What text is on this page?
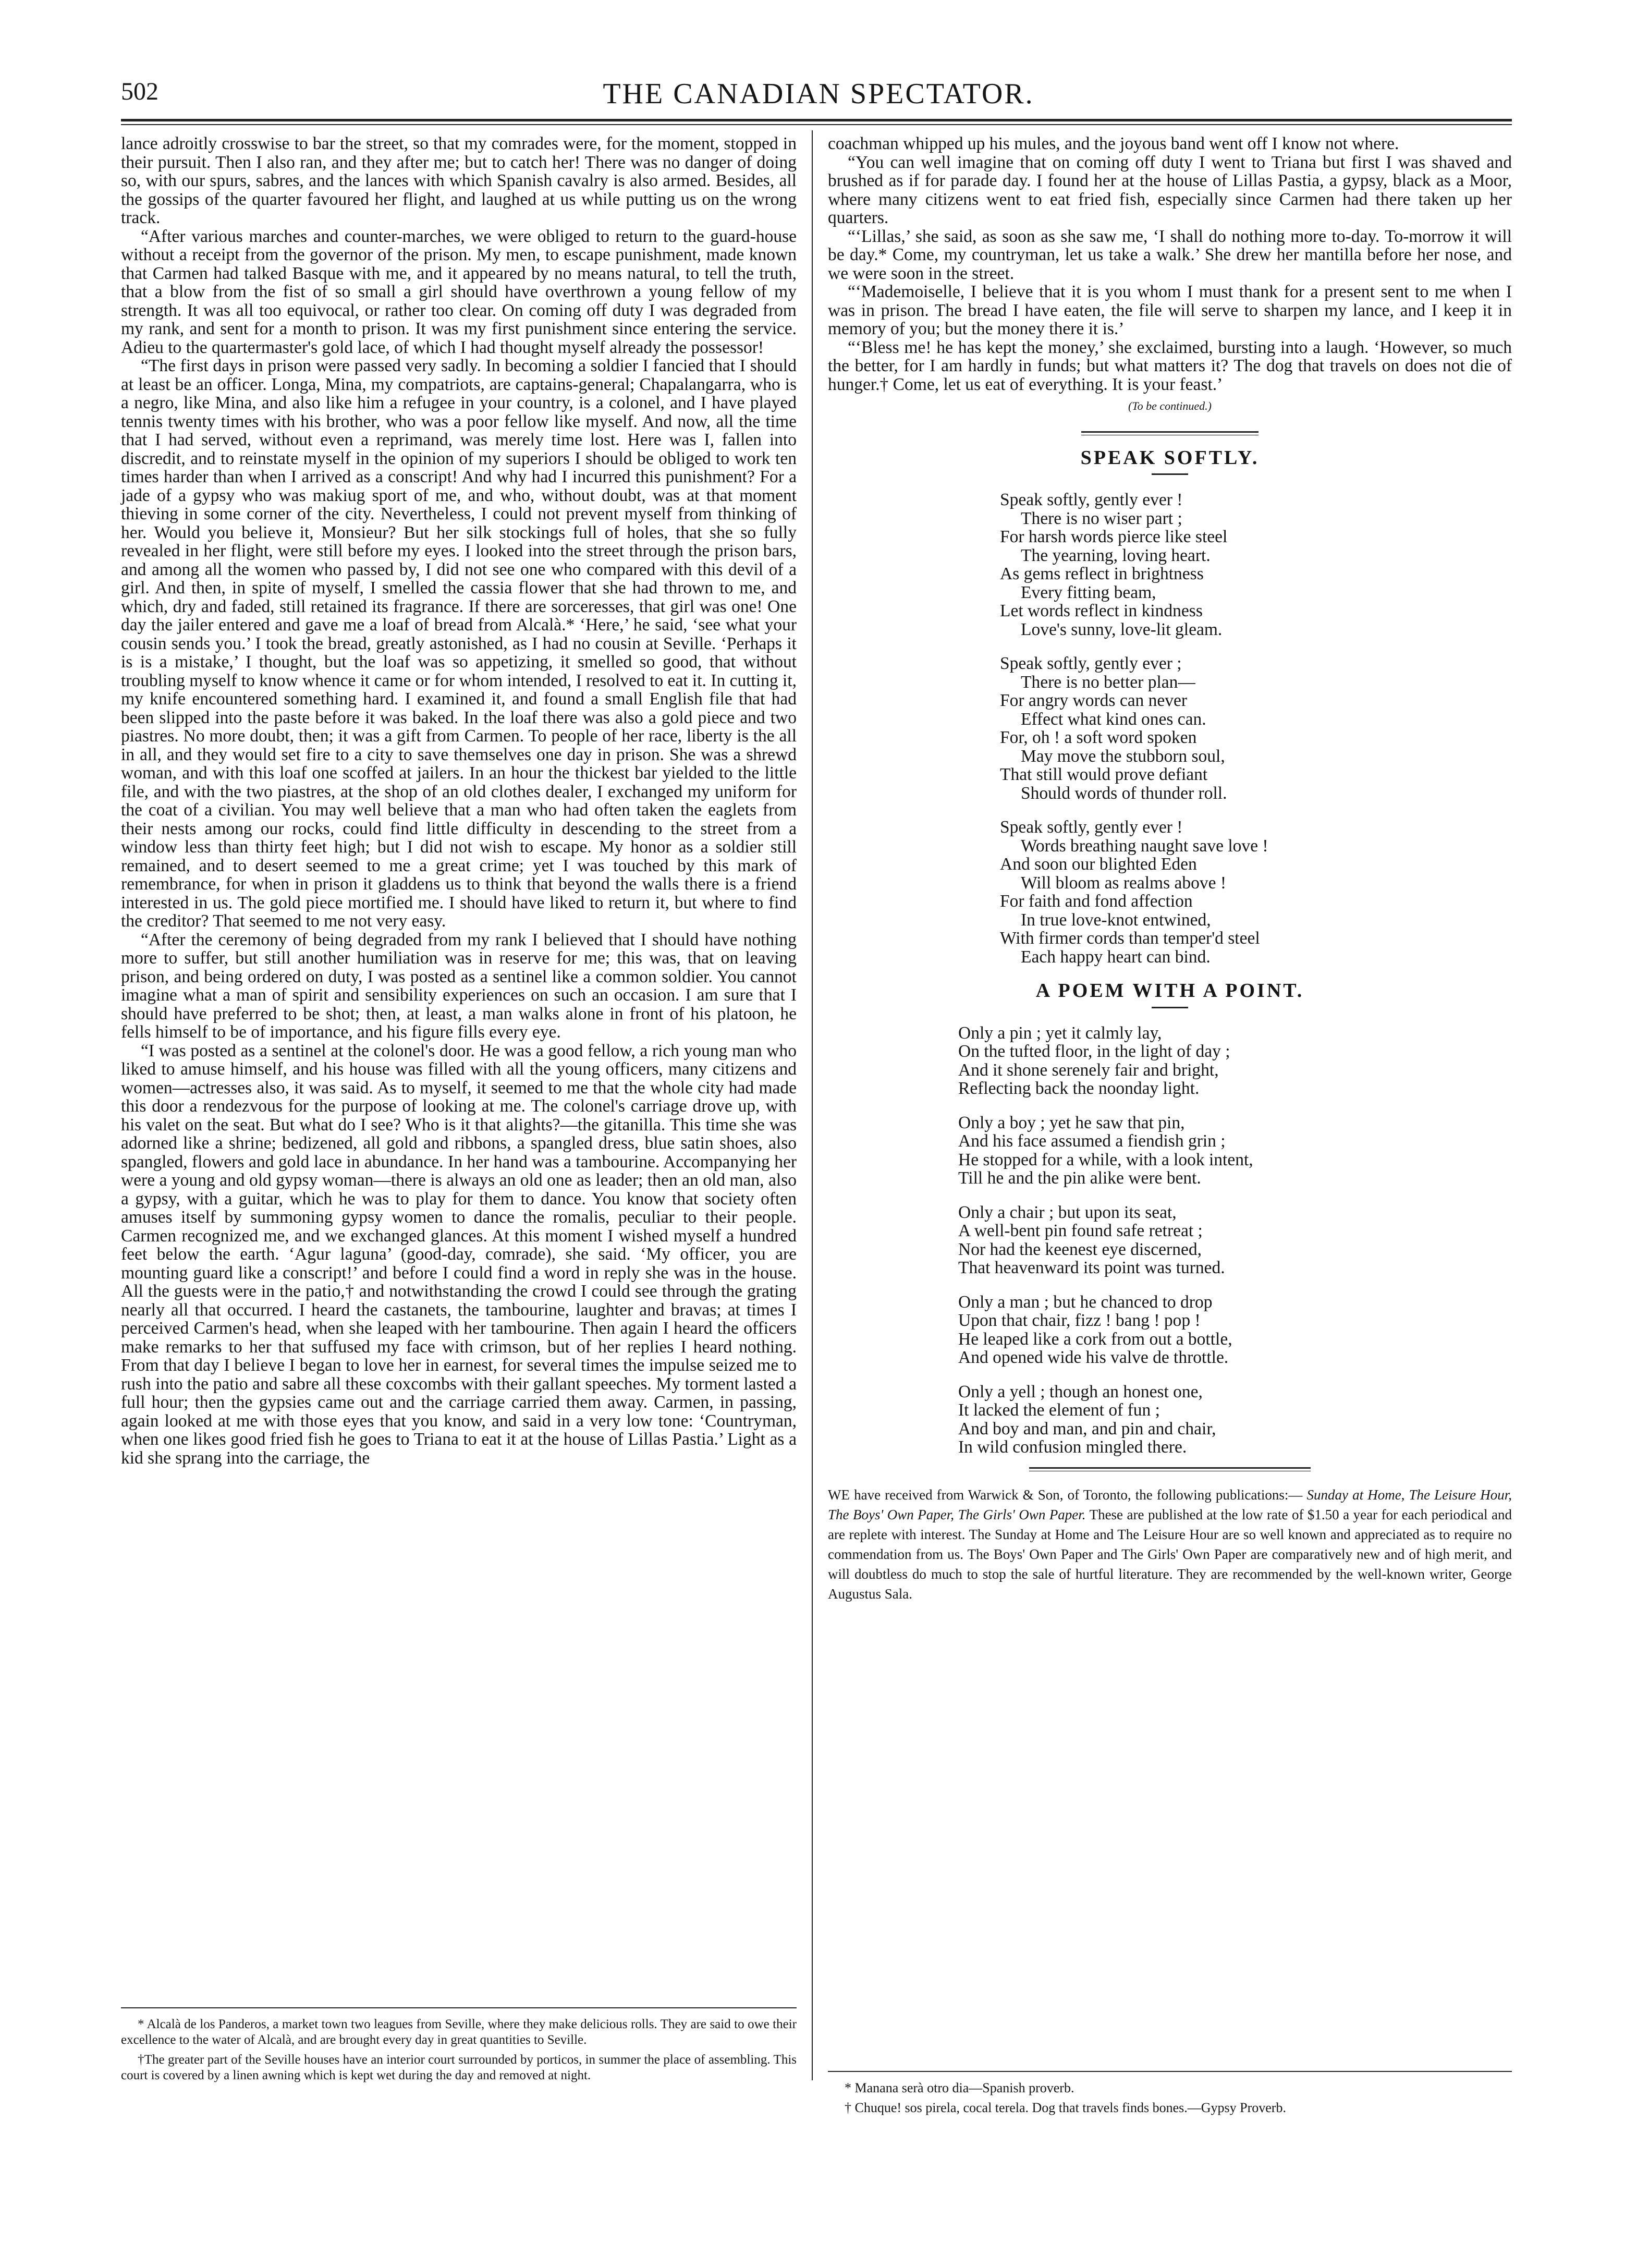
502	THE CANADIAN SPECTATOR.

lance adroitly crosswise to bar the street, so that my comrades were, for the moment, stopped in their pursuit. Then I also ran, and they after me; but to catch her! There was no danger of doing so, with our spurs, sabres, and the lances with which Spanish cavalry is also armed. Besides, all the gossips of the quarter favoured her flight, and laughed at us while putting us on the wrong track.

“After various marches and counter-marches, we were obliged to return to the guard-house without a receipt from the governor of the prison. My men, to escape punishment, made known that Carmen had talked Basque with me, and it appeared by no means natural, to tell the truth, that a blow from the fist of so small a girl should have overthrown a young fellow of my strength. It was all too equivocal, or rather too clear. On coming off duty I was degraded from my rank, and sent for a month to prison. It was my first punishment since entering the service. Adieu to the quartermaster's gold lace, of which I had thought myself already the possessor!

“The first days in prison were passed very sadly. In becoming a soldier I fancied that I should at least be an officer. Longa, Mina, my compatriots, are captains-general; Chapalangarra, who is a negro, like Mina, and also like him a refugee in your country, is a colonel, and I have played tennis twenty times with his brother, who was a poor fellow like myself. And now, all the time that I had served, without even a reprimand, was merely time lost. Here was I, fallen into discredit, and to reinstate myself in the opinion of my superiors I should be obliged to work ten times harder than when I arrived as a conscript! And why had I incurred this punishment? For a jade of a gypsy who was makiug sport of me, and who, without doubt, was at that moment thieving in some corner of the city. Nevertheless, I could not prevent myself from thinking of her. Would you believe it, Monsieur? But her silk stockings full of holes, that she so fully revealed in her flight, were still before my eyes. I looked into the street through the prison bars, and among all the women who passed by, I did not see one who compared with this devil of a girl. And then, in spite of myself, I smelled the cassia flower that she had thrown to me, and which, dry and faded, still retained its fragrance. If there are sorceresses, that girl was one! One day the jailer entered and gave me a loaf of bread from Alcalà.* ‘Here,’ he said, ‘see what your cousin sends you.’ I took the bread, greatly astonished, as I had no cousin at Seville. ‘Perhaps it is is a mistake,’ I thought, but the loaf was so appetizing, it smelled so good, that without troubling myself to know whence it came or for whom intended, I resolved to eat it. In cutting it, my knife encountered something hard. I examined it, and found a small English file that had been slipped into the paste before it was baked. In the loaf there was also a gold piece and two piastres. No more doubt, then; it was a gift from Carmen. To people of her race, liberty is the all in all, and they would set fire to a city to save themselves one day in prison. She was a shrewd woman, and with this loaf one scoffed at jailers. In an hour the thickest bar yielded to the little file, and with the two piastres, at the shop of an old clothes dealer, I exchanged my uniform for the coat of a civilian. You may well believe that a man who had often taken the eaglets from their nests among our rocks, could find little difficulty in descending to the street from a window less than thirty feet high; but I did not wish to escape. My honor as a soldier still remained, and to desert seemed to me a great crime; yet I was touched by this mark of remembrance, for when in prison it gladdens us to think that beyond the walls there is a friend interested in us. The gold piece mortified me. I should have liked to return it, but where to find the creditor? That seemed to me not very easy.

“After the ceremony of being degraded from my rank I believed that I should have nothing more to suffer, but still another humiliation was in reserve for me; this was, that on leaving prison, and being ordered on duty, I was posted as a sentinel like a common soldier. You cannot imagine what a man of spirit and sensibility experiences on such an occasion. I am sure that I should have preferred to be shot; then, at least, a man walks alone in front of his platoon, he fells himself to be of importance, and his figure fills every eye.

“I was posted as a sentinel at the colonel's door. He was a good fellow, a rich young man who liked to amuse himself, and his house was filled with all the young officers, many citizens and women—actresses also, it was said. As to myself, it seemed to me that the whole city had made this door a rendezvous for the purpose of looking at me. The colonel's carriage drove up, with his valet on the seat. But what do I see? Who is it that alights?—the gitanilla. This time she was adorned like a shrine; bedizened, all gold and ribbons, a spangled dress, blue satin shoes, also spangled, flowers and gold lace in abundance. In her hand was a tambourine. Accompanying her were a young and old gypsy woman—there is always an old one as leader; then an old man, also a gypsy, with a guitar, which he was to play for them to dance. You know that society often amuses itself by summoning gypsy women to dance the romalis, peculiar to their people. Carmen recognized me, and we exchanged glances. At this moment I wished myself a hundred feet below the earth. ‘Agur laguna’ (good-day, comrade), she said. ‘My officer, you are mounting guard like a conscript!’ and before I could find a word in reply she was in the house. All the guests were in the patio,† and notwithstanding the crowd I could see through the grating nearly all that occurred. I heard the castanets, the tambourine, laughter and bravas; at times I perceived Carmen's head, when she leaped with her tambourine. Then again I heard the officers make remarks to her that suffused my face with crimson, but of her replies I heard nothing. From that day I believe I began to love her in earnest, for several times the impulse seized me to rush into the patio and sabre all these coxcombs with their gallant speeches. My torment lasted a full hour; then the gypsies came out and the carriage carried them away. Carmen, in passing, again looked at me with those eyes that you know, and said in a very low tone: ‘Countryman, when one likes good fried fish he goes to Triana to eat it at the house of Lillas Pastia.’ Light as a kid she sprang into the carriage, the

* Alcalà de los Panderos, a market town two leagues from Seville, where they make delicious rolls. They are said to owe their excellence to the water of Alcalà, and are brought every day in great quantities to Seville.

†The greater part of the Seville houses have an interior court surrounded by porticos, in summer the place of assembling. This court is covered by a linen awning which is kept wet during the day and removed at night.

coachman whipped up his mules, and the joyous band went off I know not where.

“You can well imagine that on coming off duty I went to Triana but first I was shaved and brushed as if for parade day. I found her at the house of Lillas Pastia, a gypsy, black as a Moor, where many citizens went to eat fried fish, especially since Carmen had there taken up her quarters.

“‘Lillas,’ she said, as soon as she saw me, ‘I shall do nothing more to-day. To-morrow it will be day.* Come, my countryman, let us take a walk.’ She drew her mantilla before her nose, and we were soon in the street.

“‘Mademoiselle, I believe that it is you whom I must thank for a present sent to me when I was in prison. The bread I have eaten, the file will serve to sharpen my lance, and I keep it in memory of you; but the money there it is.’

“‘Bless me! he has kept the money,’ she exclaimed, bursting into a laugh. ‘However, so much the better, for I am hardly in funds; but what matters it? The dog that travels on does not die of hunger.† Come, let us eat of everything. It is your feast.’

(To be continued.)
SPEAK SOFTLY.
Speak softly, gently ever !
There is no wiser part ;
For harsh words pierce like steel
The yearning, loving heart.
As gems reflect in brightness
Every fitting beam,
Let words reflect in kindness
Love's sunny, love-lit gleam.
Speak softly, gently ever ;
There is no better plan—
For angry words can never
Effect what kind ones can.
For, oh ! a soft word spoken
May move the stubborn soul,
That still would prove defiant
Should words of thunder roll.
Speak softly, gently ever !
Words breathing naught save love !
And soon our blighted Eden
Will bloom as realms above !
For faith and fond affection
In true love-knot entwined,
With firmer cords than temper'd steel
Each happy heart can bind.
A POEM WITH A POINT.
Only a pin ; yet it calmly lay,
On the tufted floor, in the light of day ;
And it shone serenely fair and bright,
Reflecting back the noonday light.
Only a boy ; yet he saw that pin,
And his face assumed a fiendish grin ;
He stopped for a while, with a look intent,
Till he and the pin alike were bent.
Only a chair ; but upon its seat,
A well-bent pin found safe retreat ;
Nor had the keenest eye discerned,
That heavenward its point was turned.
Only a man ; but he chanced to drop
Upon that chair, fizz ! bang ! pop !
He leaped like a cork from out a bottle,
And opened wide his valve de throttle.
Only a yell ; though an honest one,
It lacked the element of fun ;
And boy and man, and pin and chair,
In wild confusion mingled there.
WE have received from Warwick & Son, of Toronto, the following publications:— Sunday at Home, The Leisure Hour, The Boys' Own Paper, The Girls' Own Paper. These are published at the low rate of $1.50 a year for each periodical and are replete with interest. The Sunday at Home and The Leisure Hour are so well known and appreciated as to require no commendation from us. The Boys' Own Paper and The Girls' Own Paper are comparatively new and of high merit, and will doubtless do much to stop the sale of hurtful literature. They are recommended by the well-known writer, George Augustus Sala.

* Manana serà otro dia—Spanish proverb.

† Chuque! sos pirela, cocal terela. Dog that travels finds bones.—Gypsy Proverb.
